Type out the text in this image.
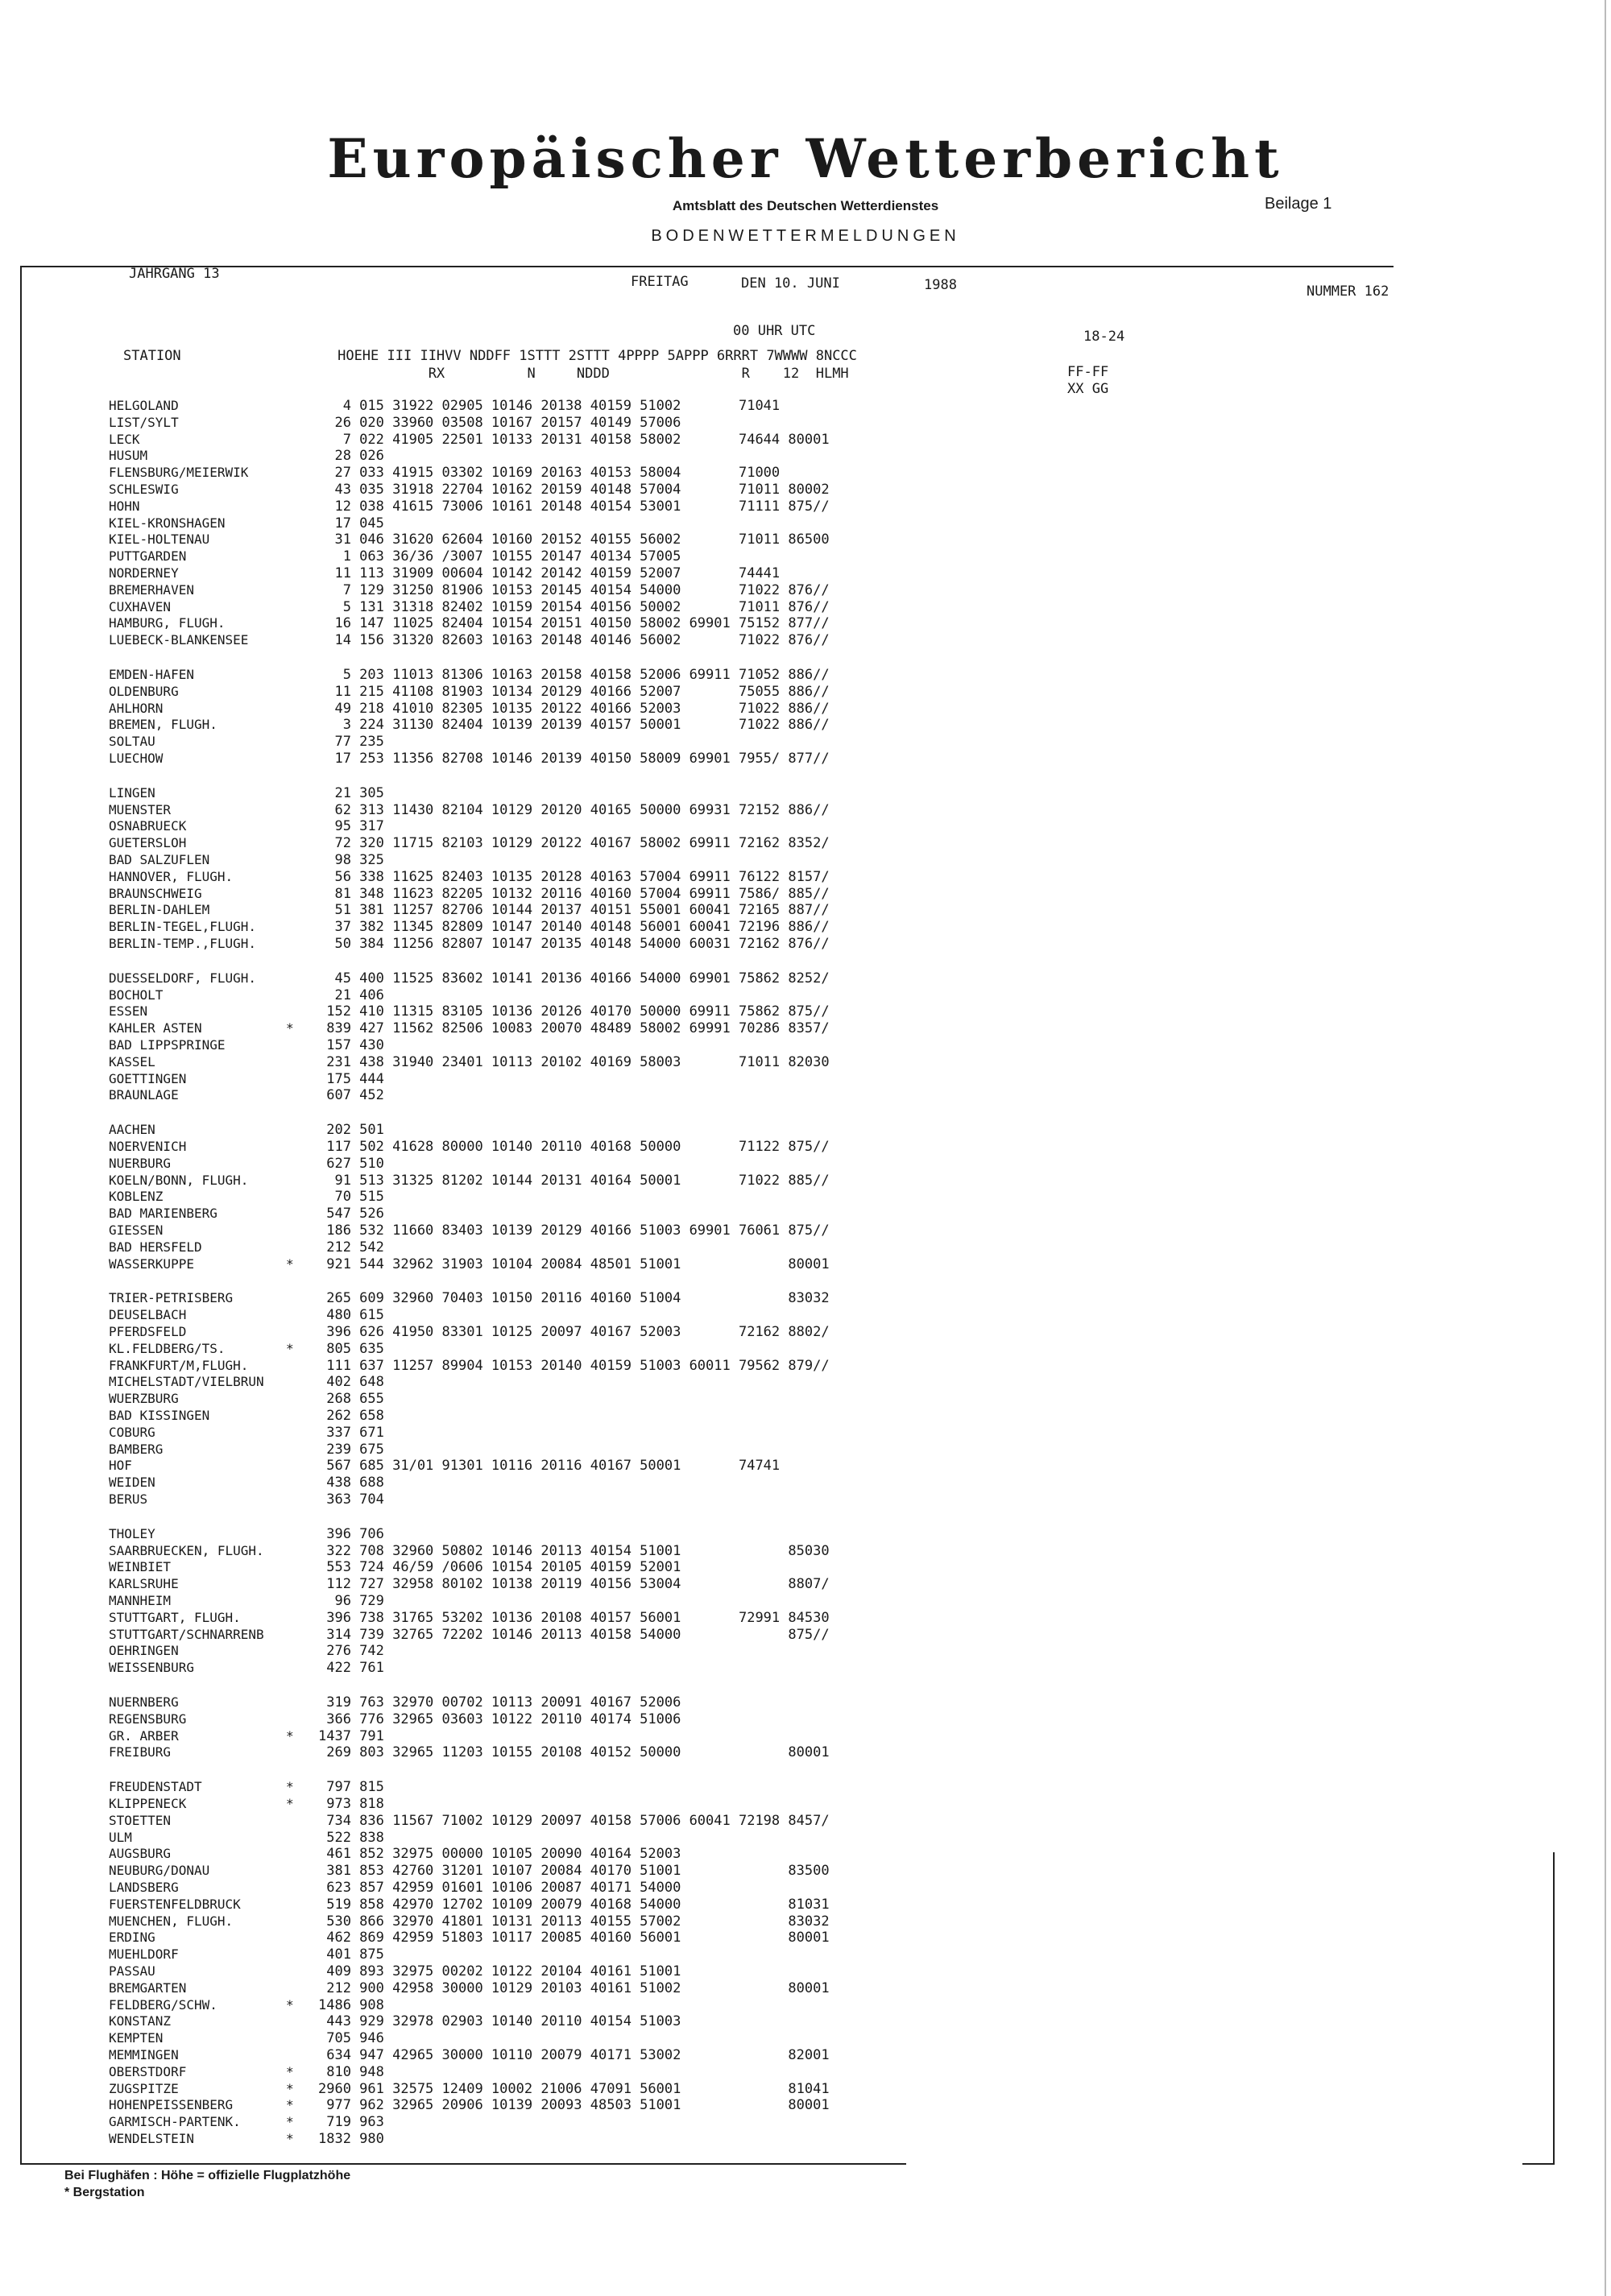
Europäischer Wetterbericht
Amtsblatt des Deutschen Wetterdienstes	Beilage 1
BODENWETTERMELDUNGEN
JAHRGANG 13	FREITAG	DEN 10. JUNI	1988	NUMMER 162
00 UHR UTC	18-24
STATION                   HOEHE III IIHVV NDDFF 1STTT 2STTT 4PPPP 5APPP 6RRRT 7WWWW 8NCCC
RX          N     NDDD                R    12  HLMH	FF-FF
XX GG
HELGOLAND	4 015 31922 02905 10146 20138 40159 51002       71041
LIST/SYLT	26 020 33960 03508 10167 20157 40149 57006
LECK	7 022 41905 22501 10133 20131 40158 58002       74644 80001
HUSUM	28 026
FLENSBURG/MEIERWIK	27 033 41915 03302 10169 20163 40153 58004       71000
SCHLESWIG	43 035 31918 22704 10162 20159 40148 57004       71011 80002
HOHN	12 038 41615 73006 10161 20148 40154 53001       71111 875//
KIEL-KRONSHAGEN	17 045
KIEL-HOLTENAU	31 046 31620 62604 10160 20152 40155 56002       71011 86500
PUTTGARDEN	1 063 36/36 /3007 10155 20147 40134 57005
NORDERNEY	11 113 31909 00604 10142 20142 40159 52007       74441
BREMERHAVEN	7 129 31250 81906 10153 20145 40154 54000       71022 876//
CUXHAVEN	5 131 31318 82402 10159 20154 40156 50002       71011 876//
HAMBURG, FLUGH.	16 147 11025 82404 10154 20151 40150 58002 69901 75152 877//
LUEBECK-BLANKENSEE	14 156 31320 82603 10163 20148 40146 56002       71022 876//
EMDEN-HAFEN	5 203 11013 81306 10163 20158 40158 52006 69911 71052 886//
OLDENBURG	11 215 41108 81903 10134 20129 40166 52007       75055 886//
AHLHORN	49 218 41010 82305 10135 20122 40166 52003       71022 886//
BREMEN, FLUGH.	3 224 31130 82404 10139 20139 40157 50001       71022 886//
SOLTAU	77 235
LUECHOW	17 253 11356 82708 10146 20139 40150 58009 69901 7955/ 877//
LINGEN	21 305
MUENSTER	62 313 11430 82104 10129 20120 40165 50000 69931 72152 886//
OSNABRUECK	95 317
GUETERSLOH	72 320 11715 82103 10129 20122 40167 58002 69911 72162 8352/
BAD SALZUFLEN	98 325
HANNOVER, FLUGH.	56 338 11625 82403 10135 20128 40163 57004 69911 76122 8157/
BRAUNSCHWEIG	81 348 11623 82205 10132 20116 40160 57004 69911 7586/ 885//
BERLIN-DAHLEM	51 381 11257 82706 10144 20137 40151 55001 60041 72165 887//
BERLIN-TEGEL,FLUGH.	37 382 11345 82809 10147 20140 40148 56001 60041 72196 886//
BERLIN-TEMP.,FLUGH.	50 384 11256 82807 10147 20135 40148 54000 60031 72162 876//
DUESSELDORF, FLUGH.	45 400 11525 83602 10141 20136 40166 54000 69901 75862 8252/
BOCHOLT	21 406
ESSEN	152 410 11315 83105 10136 20126 40170 50000 69911 75862 875//
KAHLER ASTEN	* 839 427 11562 82506 10083 20070 48489 58002 69991 70286 8357/
BAD LIPPSPRINGE	157 430
KASSEL	231 438 31940 23401 10113 20102 40169 58003       71011 82030
GOETTINGEN	175 444
BRAUNLAGE	607 452
AACHEN	202 501
NOERVENICH	117 502 41628 80000 10140 20110 40168 50000       71122 875//
NUERBURG	627 510
KOELN/BONN, FLUGH.	91 513 31325 81202 10144 20131 40164 50001       71022 885//
KOBLENZ	70 515
BAD MARIENBERG	547 526
GIESSEN	186 532 11660 83403 10139 20129 40166 51003 69901 76061 875//
BAD HERSFELD	212 542
WASSERKUPPE	* 921 544 32962 31903 10104 20084 48501 51001             80001
TRIER-PETRISBERG	265 609 32960 70403 10150 20116 40160 51004             83032
DEUSELBACH	480 615
PFERDSFELD	396 626 41950 83301 10125 20097 40167 52003       72162 8802/
KL.FELDBERG/TS.	* 805 635
FRANKFURT/M,FLUGH.	111 637 11257 89904 10153 20140 40159 51003 60011 79562 879//
MICHELSTADT/VIELBRUN	402 648
WUERZBURG	268 655
BAD KISSINGEN	262 658
COBURG	337 671
BAMBERG	239 675
HOF	567 685 31/01 91301 10116 20116 40167 50001       74741
WEIDEN	438 688
BERUS	363 704
THOLEY	396 706
SAARBRUECKEN, FLUGH.	322 708 32960 50802 10146 20113 40154 51001             85030
WEINBIET	553 724 46/59 /0606 10154 20105 40159 52001
KARLSRUHE	112 727 32958 80102 10138 20119 40156 53004             8807/
MANNHEIM	96 729
STUTTGART, FLUGH.	396 738 31765 53202 10136 20108 40157 56001       72991 84530
STUTTGART/SCHNARRENB	314 739 32765 72202 10146 20113 40158 54000             875//
OEHRINGEN	276 742
WEISSENBURG	422 761
NUERNBERG	319 763 32970 00702 10113 20091 40167 52006
REGENSBURG	366 776 32965 03603 10122 20110 40174 51006
GR. ARBER	* 1437 791
FREIBURG	269 803 32965 11203 10155 20108 40152 50000             80001
FREUDENSTADT	* 797 815
KLIPPENECK	* 973 818
STOETTEN	734 836 11567 71002 10129 20097 40158 57006 60041 72198 8457/
ULM	522 838
AUGSBURG	461 852 32975 00000 10105 20090 40164 52003
NEUBURG/DONAU	381 853 42760 31201 10107 20084 40170 51001             83500
LANDSBERG	623 857 42959 01601 10106 20087 40171 54000
FUERSTENFELDBRUCK	519 858 42970 12702 10109 20079 40168 54000             81031
MUENCHEN, FLUGH.	530 866 32970 41801 10131 20113 40155 57002             83032
ERDING	462 869 42959 51803 10117 20085 40160 56001             80001
MUEHLDORF	401 875
PASSAU	409 893 32975 00202 10122 20104 40161 51001
BREMGARTEN	212 900 42958 30000 10129 20103 40161 51002             80001
FELDBERG/SCHW.	* 1486 908
KONSTANZ	443 929 32978 02903 10140 20110 40154 51003
KEMPTEN	705 946
MEMMINGEN	634 947 42965 30000 10110 20079 40171 53002             82001
OBERSTDORF	* 810 948
ZUGSPITZE	* 2960 961 32575 12409 10002 21006 47091 56001             81041
HOHENPEISSENBERG	* 977 962 32965 20906 10139 20093 48503 51001             80001
GARMISCH-PARTENK.	* 719 963
WENDELSTEIN	* 1832 980
Bei Flughäfen : Höhe = offizielle Flugplatzhöhe
* Bergstation
